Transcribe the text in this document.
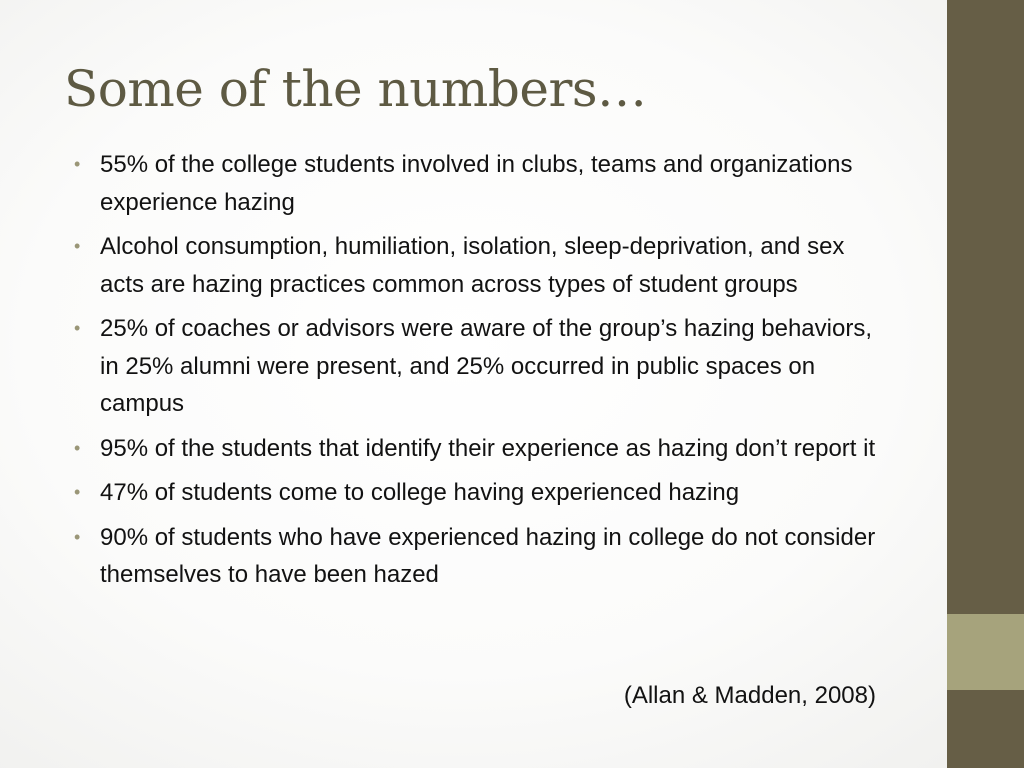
Some of the numbers…
• 55% of the college students involved in clubs, teams and organizations experience hazing
• Alcohol consumption, humiliation, isolation, sleep-deprivation, and sex acts are hazing practices common across types of student groups
• 25% of coaches or advisors were aware of the group’s hazing behaviors, in 25% alumni were present, and 25% occurred in public spaces on campus
• 95% of the students that identify their experience as hazing don’t report it
• 47% of students come to college having experienced hazing
• 90% of students who have experienced hazing in college do not consider themselves to have been hazed

(Allan & Madden, 2008)
